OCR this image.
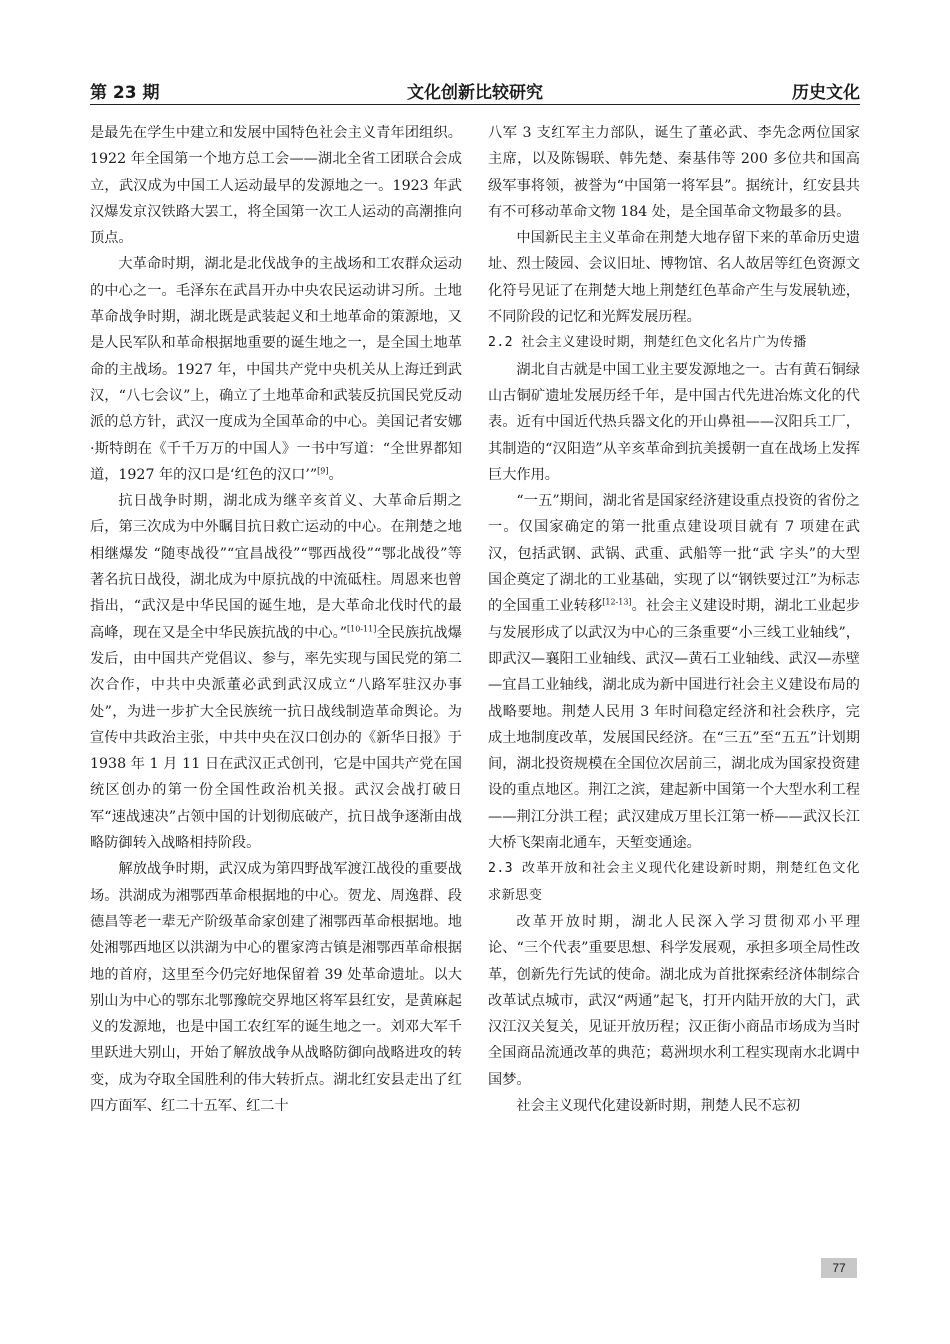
第 23 期	文化创新比较研究	历史文化

是最先在学生中建立和发展中国特色社会主义青年团组织。1922 年全国第一个地方总工会——湖北全省工团联合会成立，武汉成为中国工人运动最早的发源地之一。1923 年武汉爆发京汉铁路大罢工，将全国第一次工人运动的高潮推向顶点。

大革命时期，湖北是北伐战争的主战场和工农群众运动的中心之一。毛泽东在武昌开办中央农民运动讲习所。土地革命战争时期，湖北既是武装起义和土地革命的策源地，又是人民军队和革命根据地重要的诞生地之一，是全国土地革命的主战场。1927 年，中国共产党中央机关从上海迁到武汉，“八七会议”上，确立了土地革命和武装反抗国民党反动派的总方针，武汉一度成为全国革命的中心。美国记者安娜·斯特朗在《千千万万的中国人》一书中写道：“全世界都知道，1927 年的汉口是‘红色的汉口’”[9]。

抗日战争时期，湖北成为继辛亥首义、大革命后期之后，第三次成为中外瞩目抗日救亡运动的中心。在荆楚之地相继爆发 “随枣战役”“宜昌战役”“鄂西战役”“鄂北战役”等著名抗日战役，湖北成为中原抗战的中流砥柱。周恩来也曾指出，“武汉是中华民国的诞生地，是大革命北伐时代的最高峰，现在又是全中华民族抗战的中心。”[10-11]全民族抗战爆发后，由中国共产党倡议、参与，率先实现与国民党的第二次合作，中共中央派董必武到武汉成立“八路军驻汉办事处”，为进一步扩大全民族统一抗日战线制造革命舆论。为宣传中共政治主张，中共中央在汉口创办的《新华日报》于 1938 年 1 月 11 日在武汉正式创刊，它是中国共产党在国统区创办的第一份全国性政治机关报。武汉会战打破日军“速战速决”占领中国的计划彻底破产，抗日战争逐渐由战略防御转入战略相持阶段。

解放战争时期，武汉成为第四野战军渡江战役的重要战场。洪湖成为湘鄂西革命根据地的中心。贺龙、周逸群、段德昌等老一辈无产阶级革命家创建了湘鄂西革命根据地。地处湘鄂西地区以洪湖为中心的瞿家湾古镇是湘鄂西革命根据地的首府，这里至今仍完好地保留着 39 处革命遗址。以大别山为中心的鄂东北鄂豫皖交界地区将军县红安，是黄麻起义的发源地，也是中国工农红军的诞生地之一。刘邓大军千里跃进大别山，开始了解放战争从战略防御向战略进攻的转变，成为夺取全国胜利的伟大转折点。湖北红安县走出了红四方面军、红二十五军、红二十

八军 3 支红军主力部队，诞生了董必武、李先念两位国家主席，以及陈锡联、韩先楚、秦基伟等 200 多位共和国高级军事将领，被誉为“中国第一将军县”。据统计，红安县共有不可移动革命文物 184 处，是全国革命文物最多的县。

中国新民主主义革命在荆楚大地存留下来的革命历史遗址、烈士陵园、会议旧址、博物馆、名人故居等红色资源文化符号见证了在荆楚大地上荆楚红色革命产生与发展轨迹，不同阶段的记忆和光辉发展历程。

2.2 社会主义建设时期，荆楚红色文化名片广为传播

湖北自古就是中国工业主要发源地之一。古有黄石铜绿山古铜矿遗址发展历经千年，是中国古代先进冶炼文化的代表。近有中国近代热兵器文化的开山鼻祖——汉阳兵工厂，其制造的“汉阳造”从辛亥革命到抗美援朝一直在战场上发挥巨大作用。

“一五”期间，湖北省是国家经济建设重点投资的省份之一。仅国家确定的第一批重点建设项目就有 7 项建在武汉，包括武钢、武锅、武重、武船等一批“武 字头”的大型国企奠定了湖北的工业基础，实现了以“钢铁要过江”为标志的全国重工业转移[12-13]。社会主义建设时期，湖北工业起步与发展形成了以武汉为中心的三条重要“小三线工业轴线”，即武汉—襄阳工业轴线、武汉—黄石工业轴线、武汉—赤壁—宜昌工业轴线，湖北成为新中国进行社会主义建设布局的战略要地。荆楚人民用 3 年时间稳定经济和社会秩序，完成土地制度改革，发展国民经济。在“三五”至“五五”计划期间，湖北投资规模在全国位次居前三，湖北成为国家投资建设的重点地区。荆江之滨，建起新中国第一个大型水利工程——荆江分洪工程；武汉建成万里长江第一桥——武汉长江大桥飞架南北通车，天堑变通途。

2.3 改革开放和社会主义现代化建设新时期，荆楚红色文化求新思变

改革开放时期，湖北人民深入学习贯彻邓小平理论、“三个代表”重要思想、科学发展观，承担多项全局性改革，创新先行先试的使命。湖北成为首批探索经济体制综合改革试点城市，武汉“两通”起飞，打开内陆开放的大门，武汉江汉关复关，见证开放历程；汉正街小商品市场成为当时全国商品流通改革的典范；葛洲坝水利工程实现南水北调中国梦。

社会主义现代化建设新时期，荆楚人民不忘初

77
